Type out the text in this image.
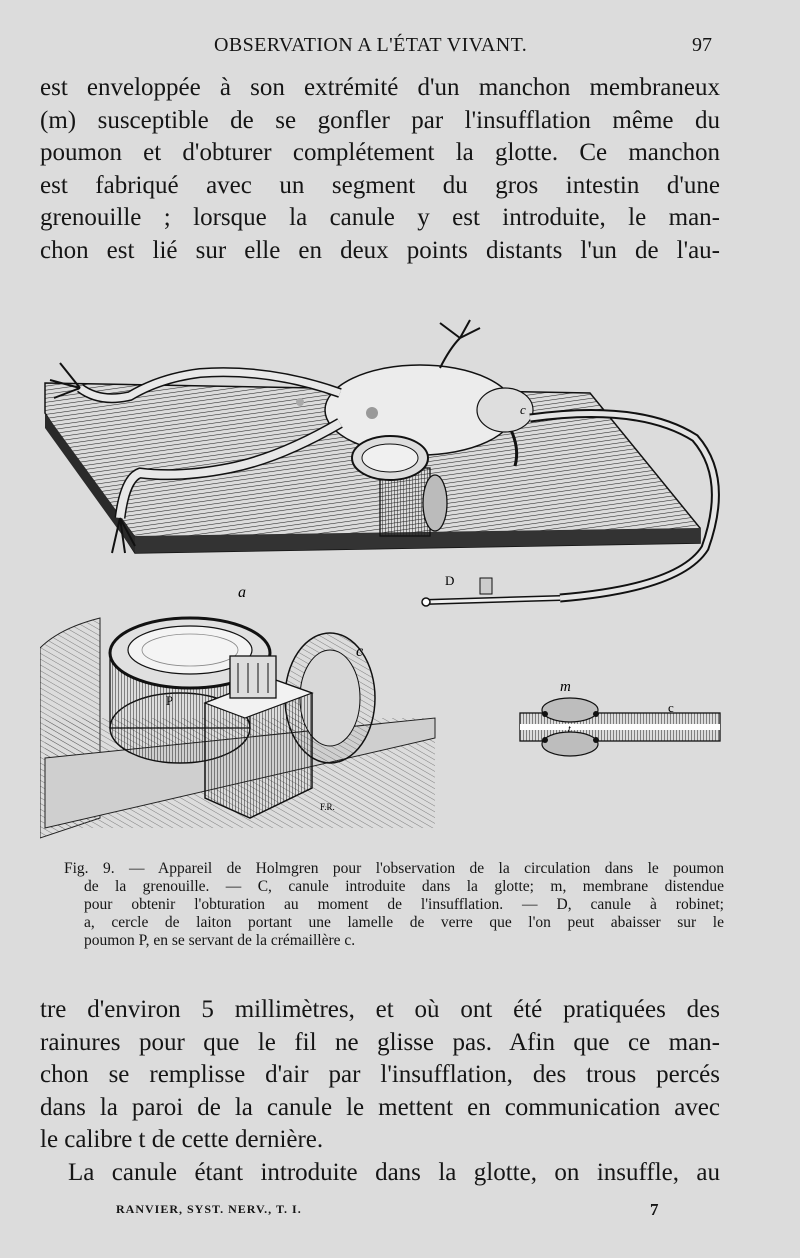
OBSERVATION A L'ÉTAT VIVANT.	97

est enveloppée à son extrémité d'un manchon membraneux
(m) susceptible de se gonfler par l'insufflation même du
poumon et d'obturer complétement la glotte. Ce manchon
est fabriqué avec un segment du gros intestin d'une
grenouille ; lorsque la canule y est introduite, le man-
chon est lié sur elle en deux points distants l'un de l'au-

c
D
a
c
P
F.R.
m
c
t

Fig. 9. — Appareil de Holmgren pour l'observation de la circulation dans le poumon
de la grenouille. — C, canule introduite dans la glotte; m, membrane distendue
pour obtenir l'obturation au moment de l'insufflation. — D, canule à robinet;
a, cercle de laiton portant une lamelle de verre que l'on peut abaisser sur le
poumon P, en se servant de la crémaillère c.

tre d'environ 5 millimètres, et où ont été pratiquées des
rainures pour que le fil ne glisse pas. Afin que ce man-
chon se remplisse d'air par l'insufflation, des trous percés
dans la paroi de la canule le mettent en communication avec
le calibre t de cette dernière.
La canule étant introduite dans la glotte, on insuffle, au

RANVIER, SYST. NERV., T. I.	7
